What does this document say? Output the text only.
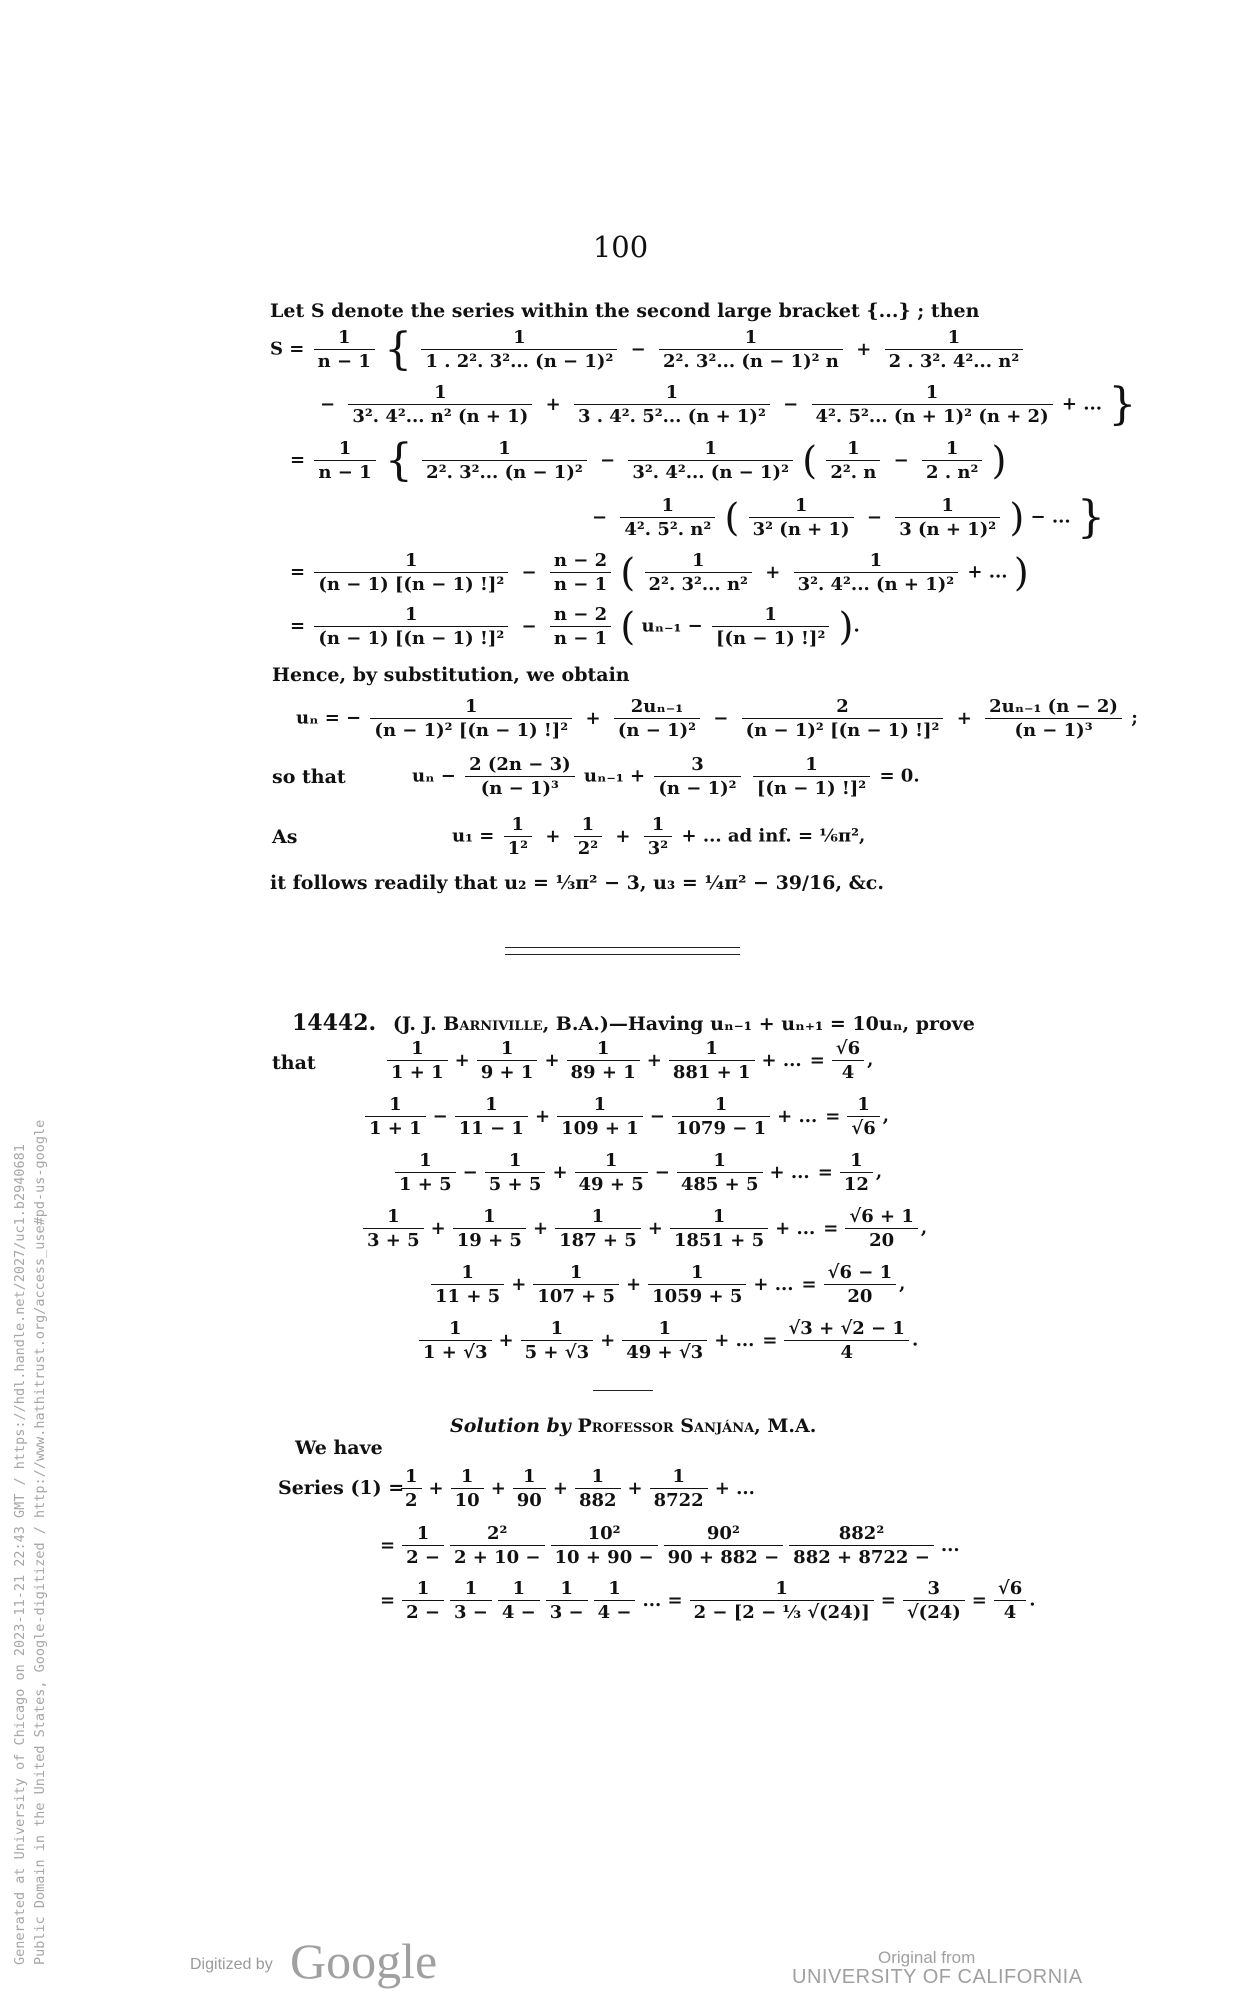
100
Let S denote the series within the second large bracket {...} ; then
$S = \frac{1}{n - 1}$ { $\frac{1}{\text{1 . 2². 3²... (n − 1)²}} - \frac{1}{\text{2². 3²... (n − 1)² n}} + \frac{1}{\text{2 . 3². 4²... n²}}$
− $\frac{1}{\text{3². 4²... n² (n + 1)}} + \frac{1}{\text{3 . 4². 5²... (n + 1)²}} - \frac{1}{\text{4². 5²... (n + 1)² (n + 2)}}$ + ... }
= $\frac{1}{n - 1}$ { $\frac{1}{\text{2². 3²... (n − 1)²}} - \frac{1}{\text{3². 4²... (n − 1)²}}$ ( $\frac{1}{\text{2². n}} - \frac{1}{\text{2 . n²}}$ )
− $\frac{1}{\text{4². 5². n²}}$ ( $\frac{1}{\text{3² (n + 1)}} - \frac{1}{\text{3 (n + 1)²}}$ ) − ... }
= $\frac{1}{\text{(n − 1) [(n − 1) !]²}} - \frac{n - 2}{n - 1}$ ( $\frac{1}{\text{2². 3²... n²}} + \frac{1}{\text{3². 4²... (n + 1)²}}$ + ... )
= $\frac{1}{\text{(n − 1) [(n − 1) !]²}} - \frac{n - 2}{n - 1}$ ( $u_{n-1} - \frac{1}{\text{[(n − 1) !]²}}$ ).
Hence, by substitution, we obtain
uₙ = − $\frac{1}{\text{(n − 1)² [(n − 1) !]²}} + \frac{\text{2uₙ₋₁}}{\text{(n − 1)²}} - \frac{2}{\text{(n − 1)² [(n − 1) !]²}} + \frac{\text{2uₙ₋₁ (n − 2)}}{\text{(n − 1)³}}$ ;
so that	$u_n - \frac{2 (2n - 3)}{\text{(n − 1)³}} u_{n-1} + \frac{3}{\text{(n − 1)²}}$
$\frac{1}{\text{[(n − 1) !]²}} = 0$.
As	$u_1 = \frac{1}{\text{1²}} + \frac{1}{\text{2²}} + \frac{1}{\text{3²}}$ + ... ad inf. = ⅙π²,
it follows readily that u₂ = ⅓π² − 3, u₃ = ¼π² − 39/16, &c.
14442. (J. J. Barniville, B.A.)—Having uₙ₋₁ + uₙ₊₁ = 10uₙ, prove
that	$\frac{1}{1 + 1} + \frac{1}{9 + 1} + \frac{1}{89 + 1} + \frac{1}{881 + 1}$ + ... = $\frac{√6}{4}$ ,
$\frac{1}{1 + 1} - \frac{1}{11 - 1} + \frac{1}{109 + 1} - \frac{1}{1079 - 1}$ + ... = $\frac{1}{√6}$ ,
$\frac{1}{1 + 5} - \frac{1}{5 + 5} + \frac{1}{49 + 5} - \frac{1}{485 + 5}$ + ... = $\frac{1}{12}$ ,
$\frac{1}{3 + 5} + \frac{1}{19 + 5} + \frac{1}{187 + 5} + \frac{1}{1851 + 5}$ + ... = $\frac{√6 + 1}{20}$ ,
$\frac{1}{11 + 5} + \frac{1}{107 + 5} + \frac{1}{1059 + 5}$ + ... = $\frac{√6 - 1}{20}$ ,
$\frac{1}{1 + √3} + \frac{1}{5 + √3} + \frac{1}{49 + √3}$ + ... = $\frac{√3 + √2 - 1}{4}$ .
Solution by Professor Sanjána, M.A.
We have
Series (1) =
$\frac{1}{2} + \frac{1}{10} + \frac{1}{90} + \frac{1}{882} + \frac{1}{8722}$ + ...
= $\frac{1}{2 -} \frac{\text{2²}}{2 + 10 -} \frac{\text{10²}}{10 + 90 -} \frac{\text{90²}}{90 + 882 -} \frac{\text{882²}}{882 + 8722 -}$ ...
= $\frac{1}{2 -} \frac{1}{3 -} \frac{1}{4 -} \frac{1}{3 -} \frac{1}{4 -}$ ... = $\frac{1}{\text{2 − [2 − ⅓ √(24)]}} = \frac{3}{√(24)} = \frac{√6}{4}$ .
Generated at University of Chicago on 2023-11-21 22:43 GMT / https://hdl.handle.net/2027/uc1.b2940681 Public Domain in the United States, Google-digitized / http://www.hathitrust.org/access_use#pd-us-google	Digitized by Google	Original from
UNIVERSITY OF CALIFORNIA
